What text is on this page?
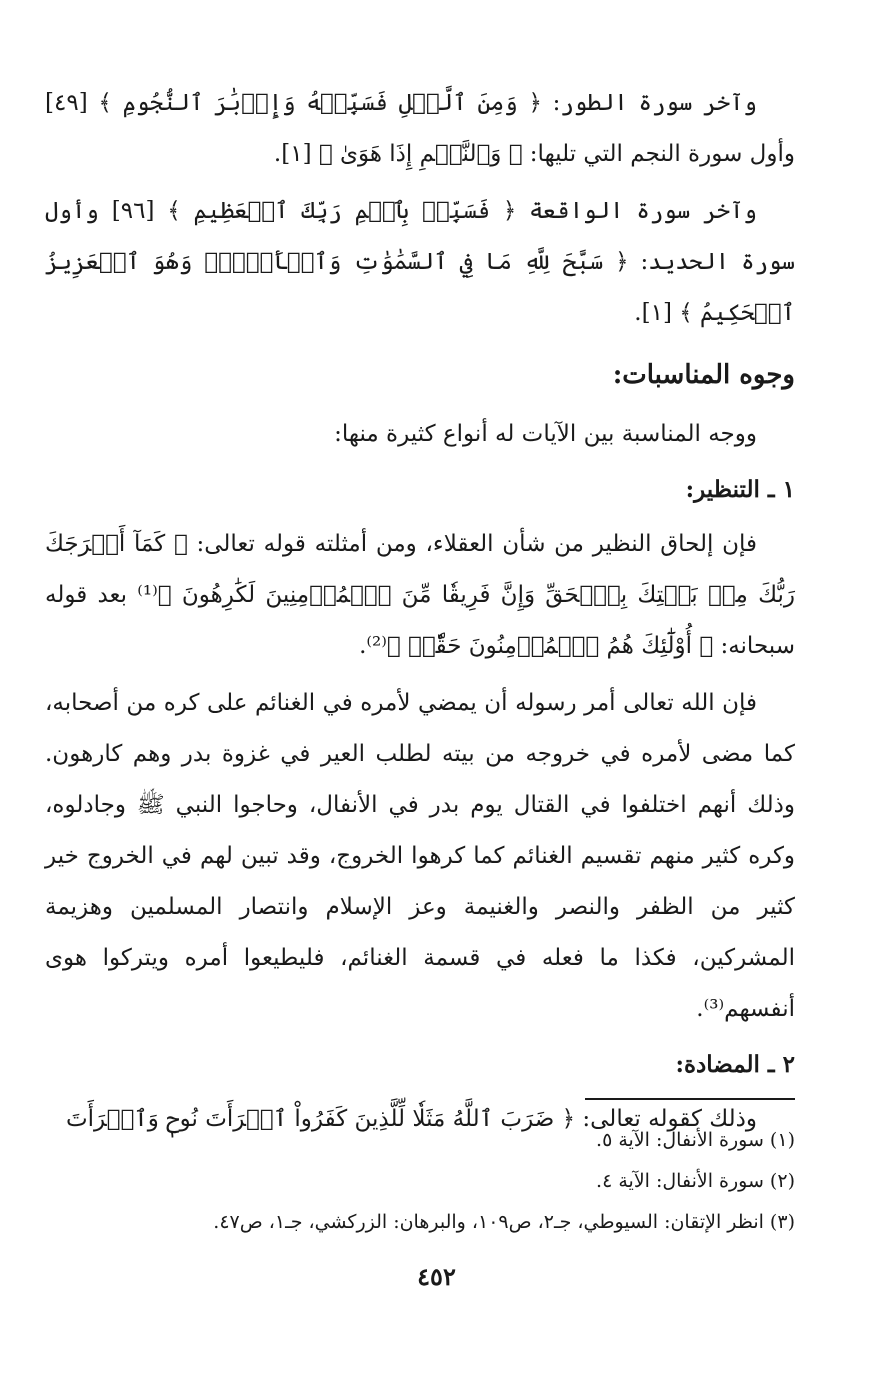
وآخر سورة الطور: ﴿ وَمِنَ ٱلَّيۡلِ فَسَبِّحۡهُ وَإِدۡبَٰرَ ٱلنُّجُومِ ﴾ [٤٩] وأول سورة النجم التي تليها: ﴿ وَٱلنَّجۡمِ إِذَا هَوَىٰ ﴾ [١].

وآخر سورة الواقعة ﴿ فَسَبِّحۡ بِٱسۡمِ رَبِّكَ ٱلۡعَظِيمِ ﴾ [٩٦] وأول سورة الحديد: ﴿ سَبَّحَ لِلَّهِ مَا فِي ٱلسَّمَٰوَٰتِ وَٱلۡأَرۡضِۖ وَهُوَ ٱلۡعَزِيزُ ٱلۡحَكِيمُ ﴾ [١].

وجوه المناسبات:

ووجه المناسبة بين الآيات له أنواع كثيرة منها:

١ ـ التنظير:

فإن إلحاق النظير من شأن العقلاء، ومن أمثلته قوله تعالى: ﴿ كَمَآ أَخۡرَجَكَ رَبُّكَ مِنۢ بَيۡتِكَ بِٱلۡحَقِّ وَإِنَّ فَرِيقٗا مِّنَ ٱلۡمُؤۡمِنِينَ لَكَٰرِهُونَ ﴾⁽¹⁾ بعد قوله سبحانه: ﴿ أُوْلَٰٓئِكَ هُمُ ٱلۡمُؤۡمِنُونَ حَقّٗاۚ ﴾⁽²⁾.

فإن الله تعالى أمر رسوله أن يمضي لأمره في الغنائم على كره من أصحابه، كما مضى لأمره في خروجه من بيته لطلب العير في غزوة بدر وهم كارهون. وذلك أنهم اختلفوا في القتال يوم بدر في الأنفال، وحاجوا النبي ﷺ وجادلوه، وكره كثير منهم تقسيم الغنائم كما كرهوا الخروج، وقد تبين لهم في الخروج خير كثير من الظفر والنصر والغنيمة وعز الإسلام وانتصار المسلمين وهزيمة المشركين، فكذا ما فعله في قسمة الغنائم، فليطيعوا أمره ويتركوا هوى أنفسهم⁽³⁾.

٢ ـ المضادة:

وذلك كقوله تعالى: ﴿ ضَرَبَ ٱللَّهُ مَثَلٗا لِّلَّذِينَ كَفَرُواْ ٱمۡرَأَتَ نُوحٖ وَٱمۡرَأَتَ

(١) سورة الأنفال: الآية ٥.

(٢) سورة الأنفال: الآية ٤.

(٣) انظر الإتقان: السيوطي، جـ٢، ص١٠٩، والبرهان: الزركشي، جـ١، ص٤٧.

٤٥٢
